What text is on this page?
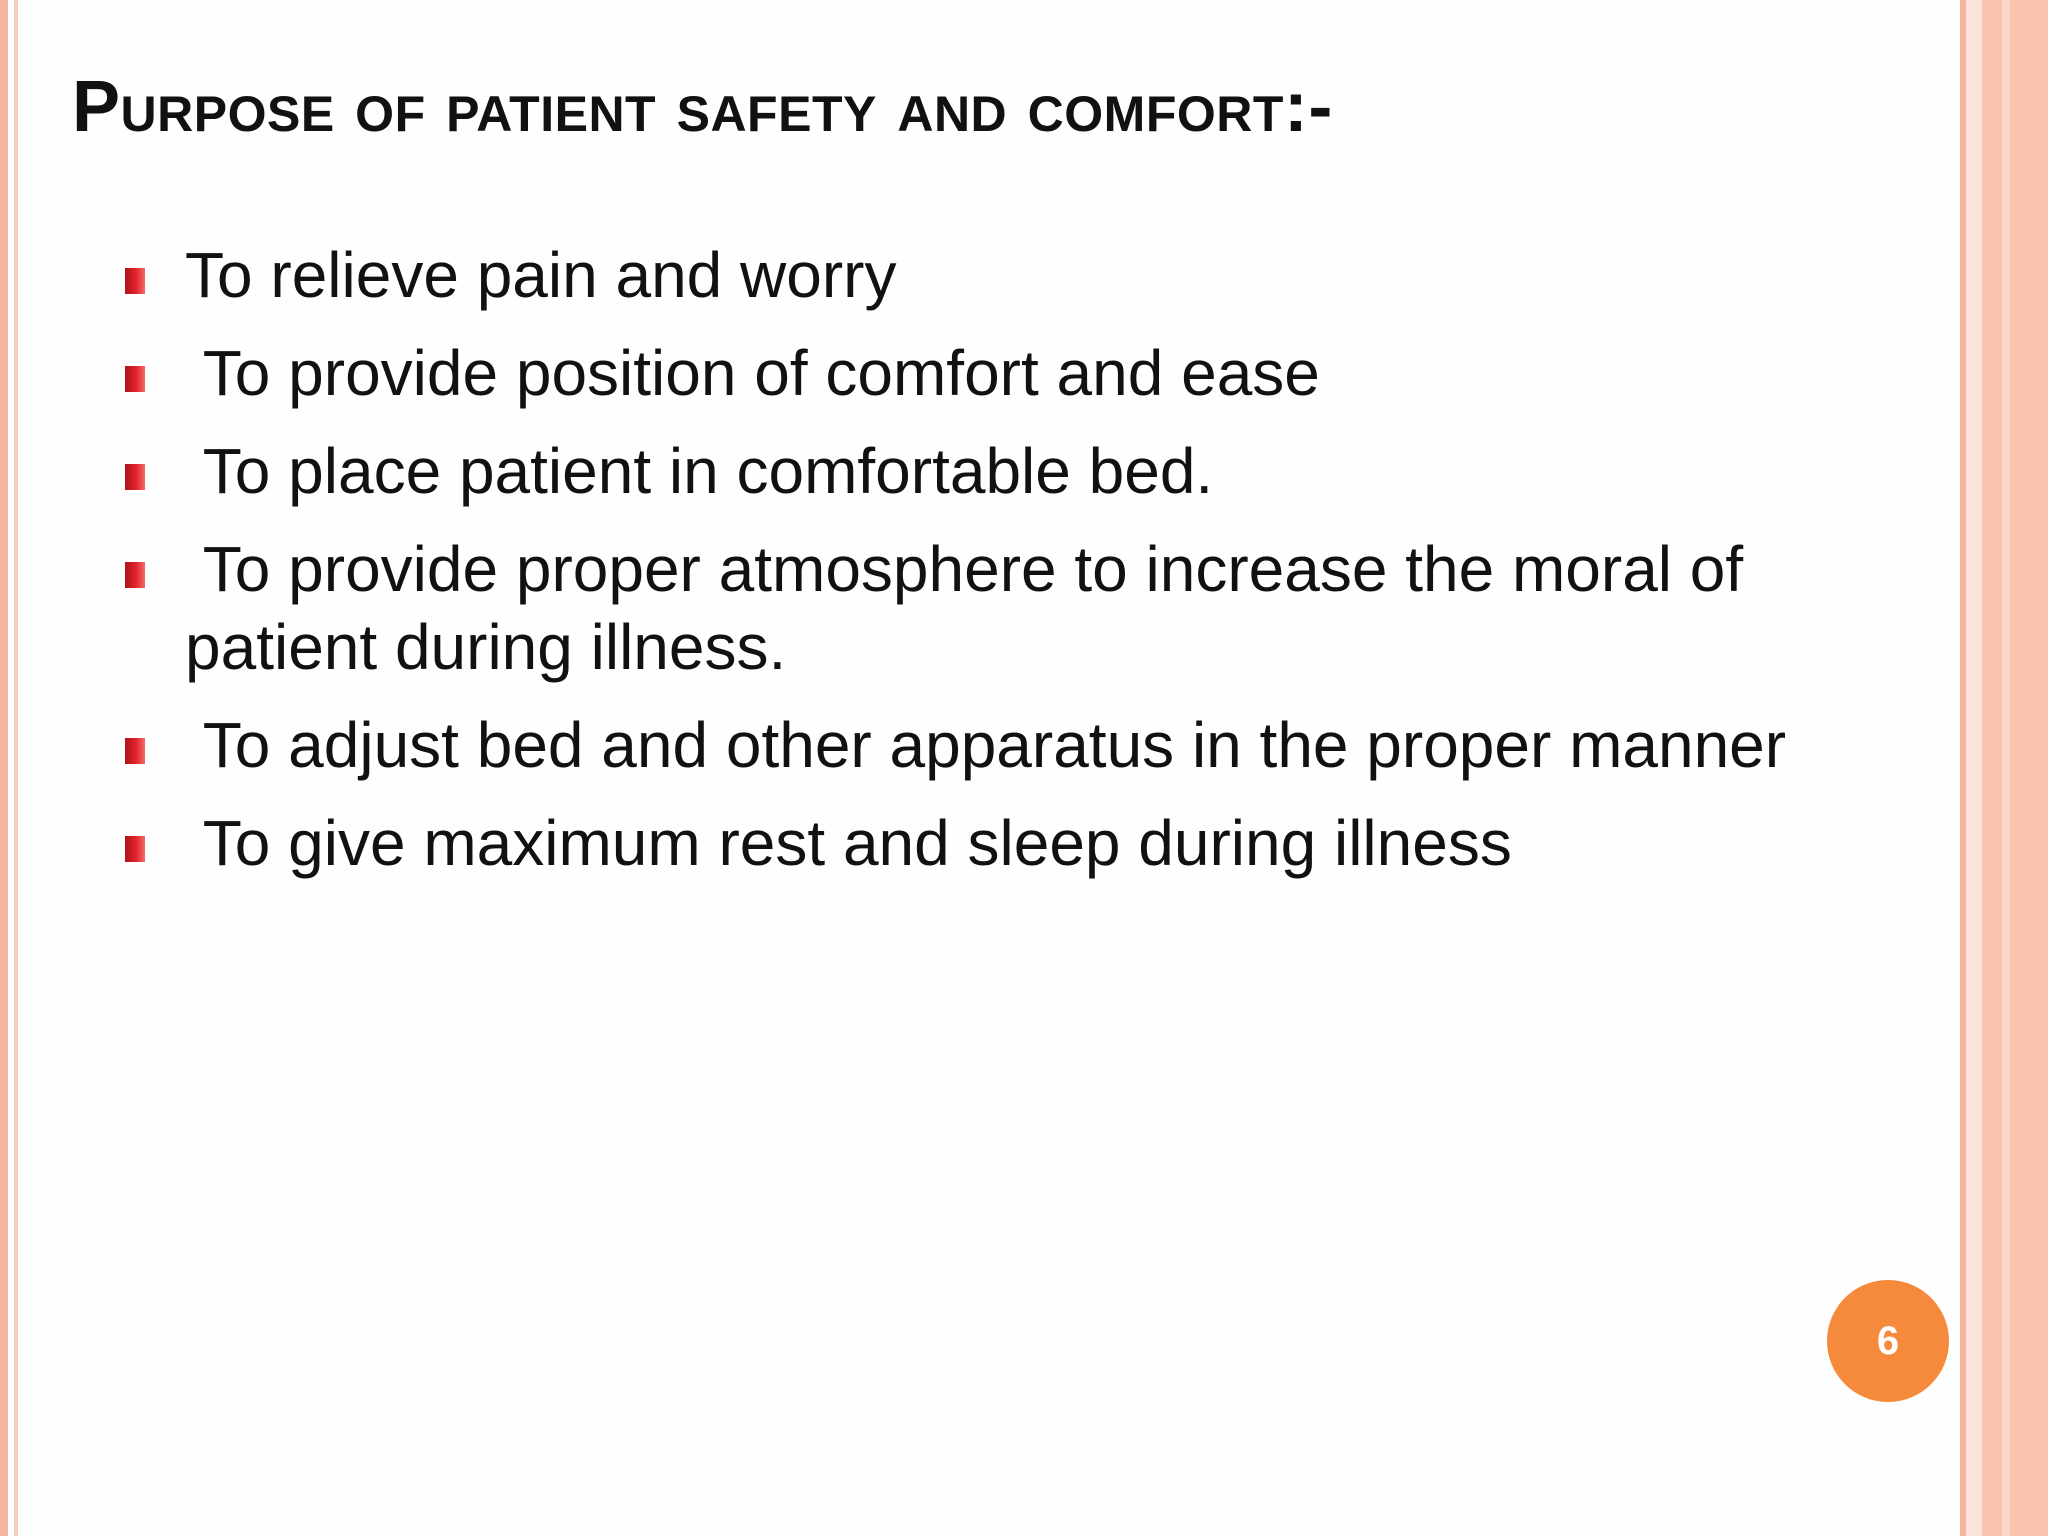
Purpose of patient safety and comfort:-
To relieve pain and worry
To provide position of comfort and ease
To place patient in comfortable bed.
To provide proper atmosphere to increase the moral of patient during illness.
To adjust bed and other apparatus in the proper manner
To give maximum rest and sleep during illness
6
